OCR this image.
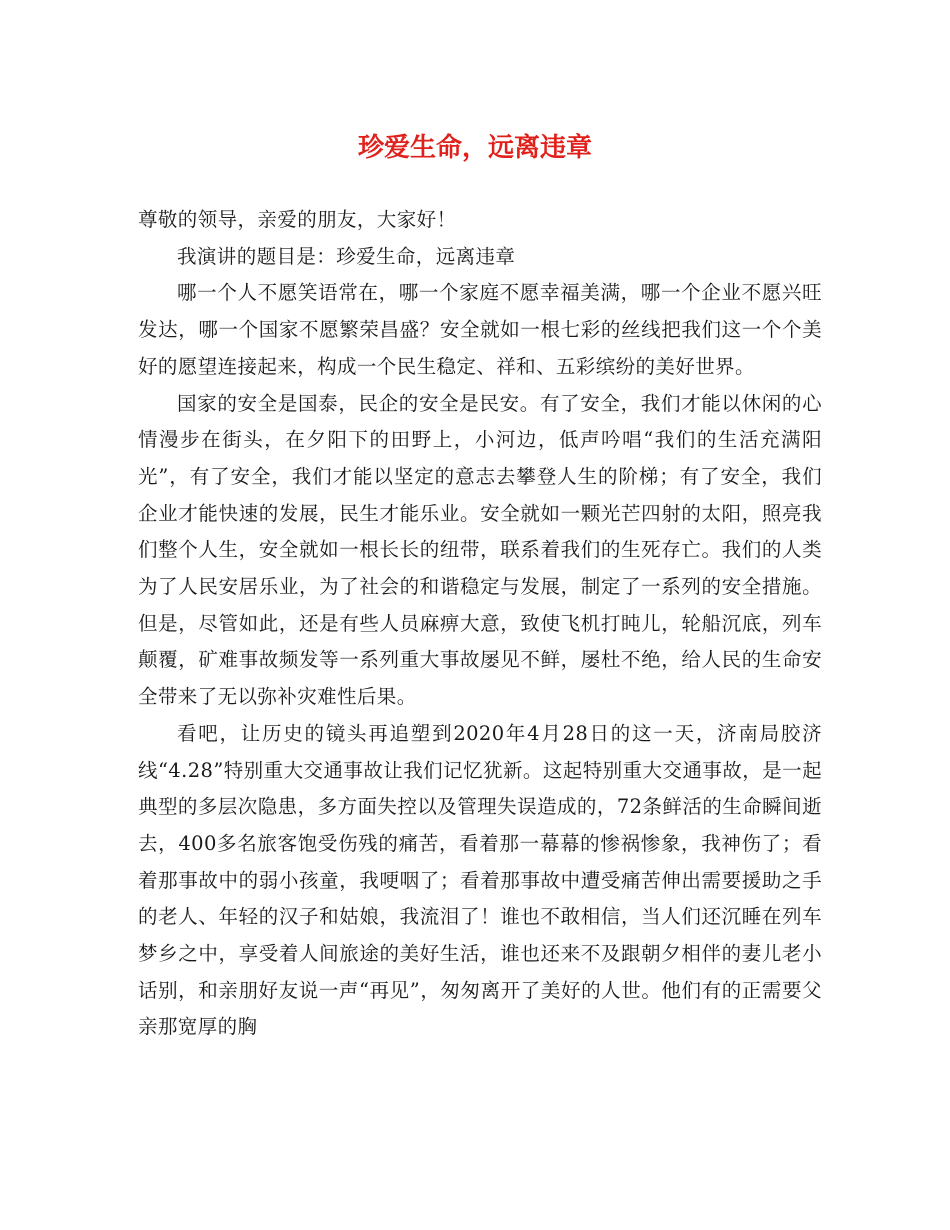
珍爱生命，远离违章

尊敬的领导，亲爱的朋友，大家好！

我演讲的题目是：珍爱生命，远离违章

哪一个人不愿笑语常在，哪一个家庭不愿幸福美满，哪一个企业不愿兴旺发达，哪一个国家不愿繁荣昌盛？安全就如一根七彩的丝线把我们这一个个美好的愿望连接起来，构成一个民生稳定、祥和、五彩缤纷的美好世界。

国家的安全是国泰，民企的安全是民安。有了安全，我们才能以休闲的心情漫步在街头，在夕阳下的田野上，小河边，低声吟唱“我们的生活充满阳光”，有了安全，我们才能以坚定的意志去攀登人生的阶梯；有了安全，我们企业才能快速的发展，民生才能乐业。安全就如一颗光芒四射的太阳，照亮我们整个人生，安全就如一根长长的纽带，联系着我们的生死存亡。我们的人类为了人民安居乐业，为了社会的和谐稳定与发展，制定了一系列的安全措施。但是，尽管如此，还是有些人员麻痹大意，致使飞机打盹儿，轮船沉底，列车颠覆，矿难事故频发等一系列重大事故屡见不鲜，屡杜不绝，给人民的生命安全带来了无以弥补灾难性后果。

看吧，让历史的镜头再追塑到2020年4月28日的这一天，济南局胶济线“4.28”特别重大交通事故让我们记忆犹新。这起特别重大交通事故，是一起典型的多层次隐患，多方面失控以及管理失误造成的，72条鲜活的生命瞬间逝去，400多名旅客饱受伤残的痛苦，看着那一幕幕的惨祸惨象，我神伤了；看着那事故中的弱小孩童，我哽咽了；看着那事故中遭受痛苦伸出需要援助之手的老人、年轻的汉子和姑娘，我流泪了！谁也不敢相信，当人们还沉睡在列车梦乡之中，享受着人间旅途的美好生活，谁也还来不及跟朝夕相伴的妻儿老小话别，和亲朋好友说一声“再见”，匆匆离开了美好的人世。他们有的正需要父亲那宽厚的胸
